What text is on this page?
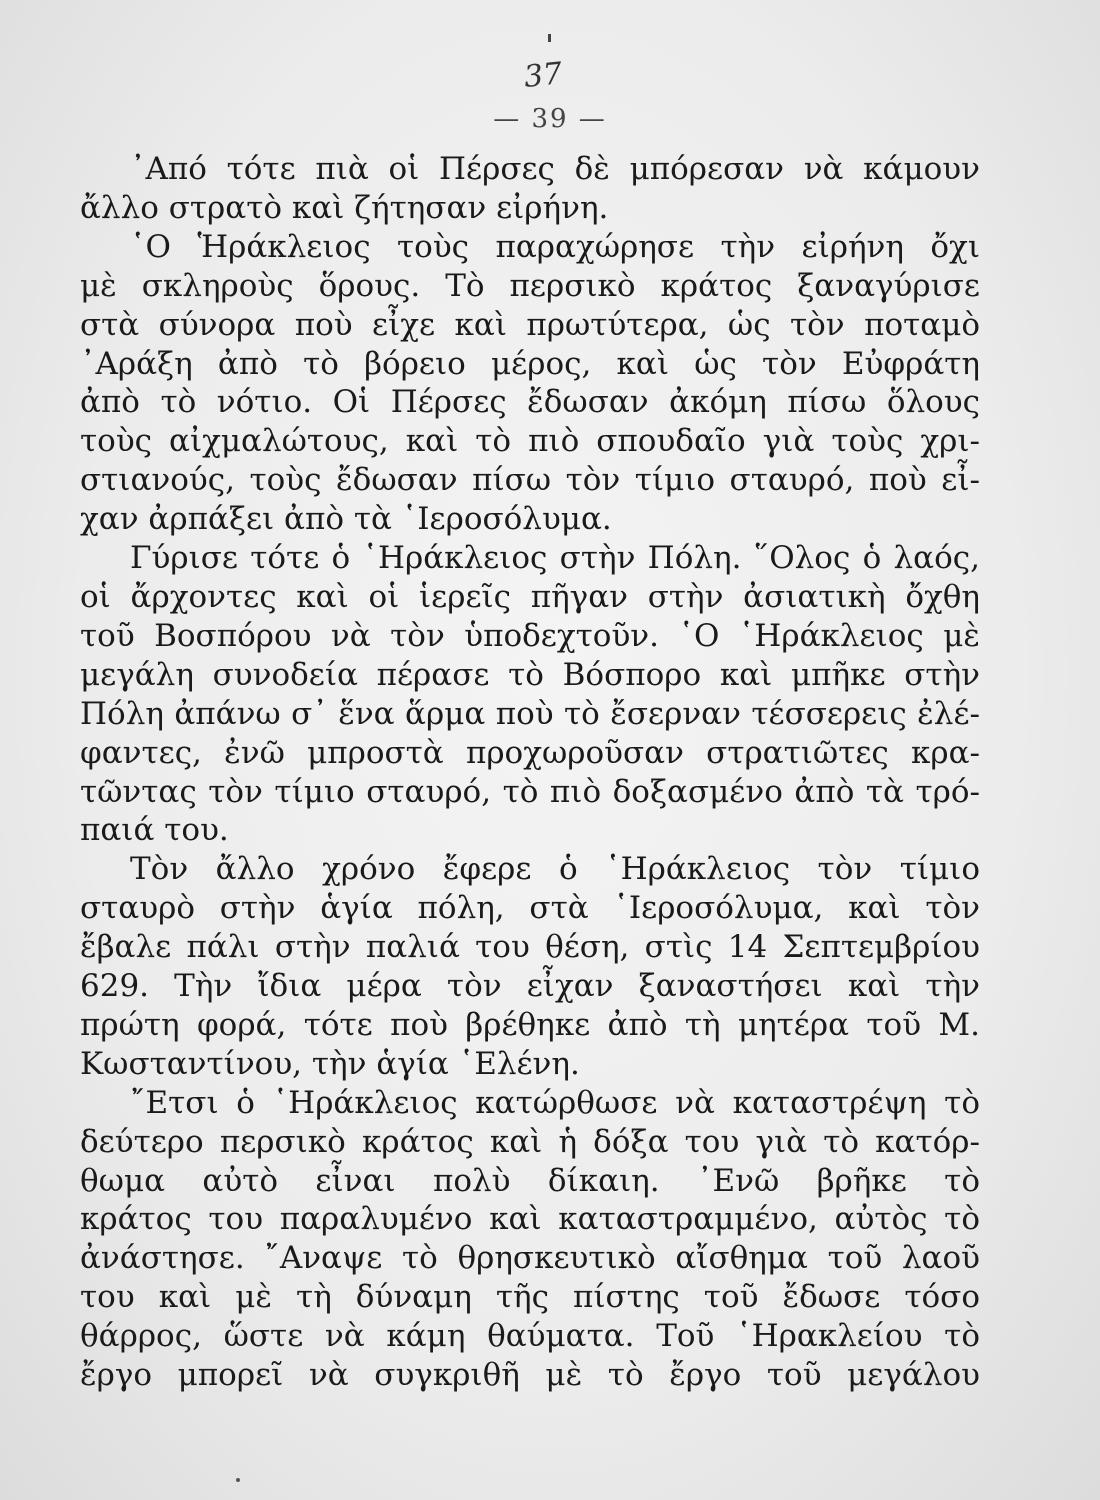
37
— 39 —
᾿Από τότε πιὰ οἱ Πέρσες δὲ μπόρεσαν νὰ κάμουν
ἄλλο στρατὸ καὶ ζήτησαν εἰρήνη.
῾Ο Ἡράκλειος τοὺς παραχώρησε τὴν εἰρήνη ὄχι
μὲ σκληροὺς ὅρους. Τὸ περσικὸ κράτος ξαναγύρισε
στὰ σύνορα ποὺ εἶχε καὶ πρωτύτερα, ὡς τὸν ποταμὸ
᾿Αράξη ἀπὸ τὸ βόρειο μέρος, καὶ ὡς τὸν Εὐφράτη
ἀπὸ τὸ νότιο. Οἱ Πέρσες ἔδωσαν ἀκόμη πίσω ὅλους
τοὺς αἰχμαλώτους, καὶ τὸ πιὸ σπουδαῖο γιὰ τοὺς χρι-
στιανούς, τοὺς ἔδωσαν πίσω τὸν τίμιο σταυρό, ποὺ εἶ-
χαν ἀρπάξει ἀπὸ τὰ ῾Ιεροσόλυμα.
Γύρισε τότε ὁ ῾Ηράκλειος στὴν Πόλη. ῞Ολος ὁ λαός,
οἱ ἄρχοντες καὶ οἱ ἱερεῖς πῆγαν στὴν ἀσιατικὴ ὄχθη
τοῦ Βοσπόρου νὰ τὸν ὑποδεχτοῦν. ῾Ο ῾Ηράκλειος μὲ
μεγάλη συνοδεία πέρασε τὸ Βόσπορο καὶ μπῆκε στὴν
Πόλη ἀπάνω σ᾿ ἕνα ἅρμα ποὺ τὸ ἔσερναν τέσσερεις ἐλέ-
φαντες, ἐνῶ μπροστὰ προχωροῦσαν στρατιῶτες κρα-
τῶντας τὸν τίμιο σταυρό, τὸ πιὸ δοξασμένο ἀπὸ τὰ τρό-
παιά του.
Τὸν ἄλλο χρόνο ἔφερε ὁ ῾Ηράκλειος τὸν τίμιο
σταυρὸ στὴν ἁγία πόλη, στὰ ῾Ιεροσόλυμα, καὶ τὸν
ἔβαλε πάλι στὴν παλιά του θέση, στὶς 14 Σεπτεμβρίου
629. Τὴν ἴδια μέρα τὸν εἶχαν ξαναστήσει καὶ τὴν
πρώτη φορά, τότε ποὺ βρέθηκε ἀπὸ τὴ μητέρα τοῦ Μ.
Κωσταντίνου, τὴν ἁγία ῾Ελένη.
῎Ετσι ὁ ῾Ηράκλειος κατώρθωσε νὰ καταστρέψη τὸ
δεύτερο περσικὸ κράτος καὶ ἡ δόξα του γιὰ τὸ κατόρ-
θωμα αὐτὸ εἶναι πολὺ δίκαιη. ᾿Ενῶ βρῆκε τὸ
κράτος του παραλυμένο καὶ καταστραμμένο, αὐτὸς τὸ
ἀνάστησε. ῎Αναψε τὸ θρησκευτικὸ αἴσθημα τοῦ λαοῦ
του καὶ μὲ τὴ δύναμη τῆς πίστης τοῦ ἔδωσε τόσο
θάρρος, ὥστε νὰ κάμη θαύματα. Τοῦ ῾Ηρακλείου τὸ
ἔργο μπορεῖ νὰ συγκριθῆ μὲ τὸ ἔργο τοῦ μεγάλου
